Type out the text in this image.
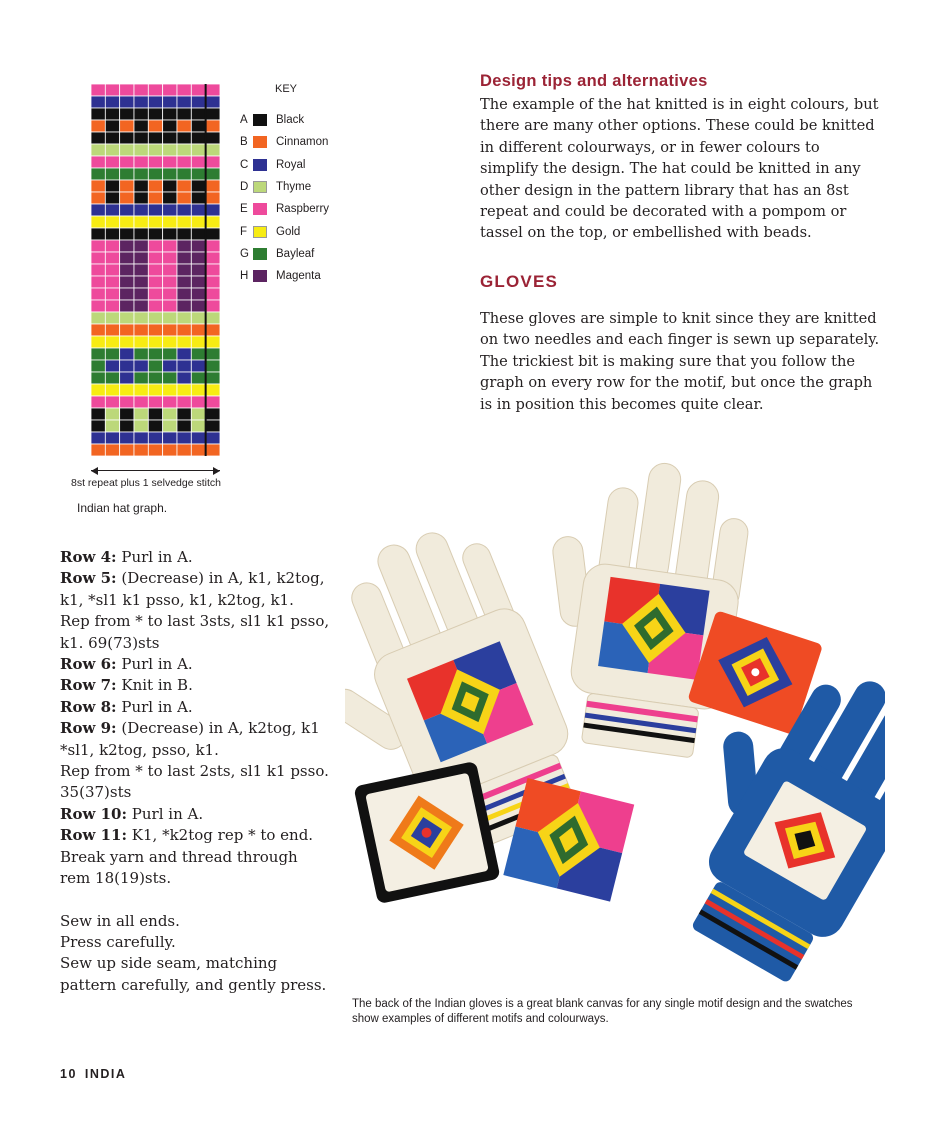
KEY
A	Black
B	Cinnamon
C	Royal
D	Thyme
E	Raspberry
F	Gold
G	Bayleaf
H	Magenta
8st repeat plus 1 selvedge stitch
Indian hat graph.

Row 4: Purl in A.

Row 5: (Decrease) in A, k1, k2tog, k1, *sl1 k1 psso, k1, k2tog, k1.

Rep from * to last 3sts, sl1 k1 psso, k1. 69(73)sts

Row 6: Purl in A.

Row 7: Knit in B.

Row 8: Purl in A.

Row 9: (Decrease) in A, k2tog, k1 *sl1, k2tog, psso, k1.

Rep from * to last 2sts, sl1 k1 psso. 35(37)sts

Row 10: Purl in A.

Row 11: K1, *k2tog rep * to end.

Break yarn and thread through rem 18(19)sts.

Sew in all ends.

Press carefully.

Sew up side seam, matching pattern carefully, and gently press.

Design tips and alternatives

The example of the hat knitted is in eight colours, but there are many other options. These could be knitted in different colourways, or in fewer colours to simplify the design. The hat could be knitted in any other design in the pattern library that has an 8st repeat and could be decorated with a pompom or tassel on the top, or embellished with beads.

GLOVES

These gloves are simple to knit since they are knitted on two needles and each finger is sewn up separately. The trickiest bit is making sure that you follow the graph on every row for the motif, but once the graph is in position this becomes quite clear.

The back of the Indian gloves is a great blank canvas for any single motif design and the swatches show examples of different motifs and colourways.
10 INDIA
